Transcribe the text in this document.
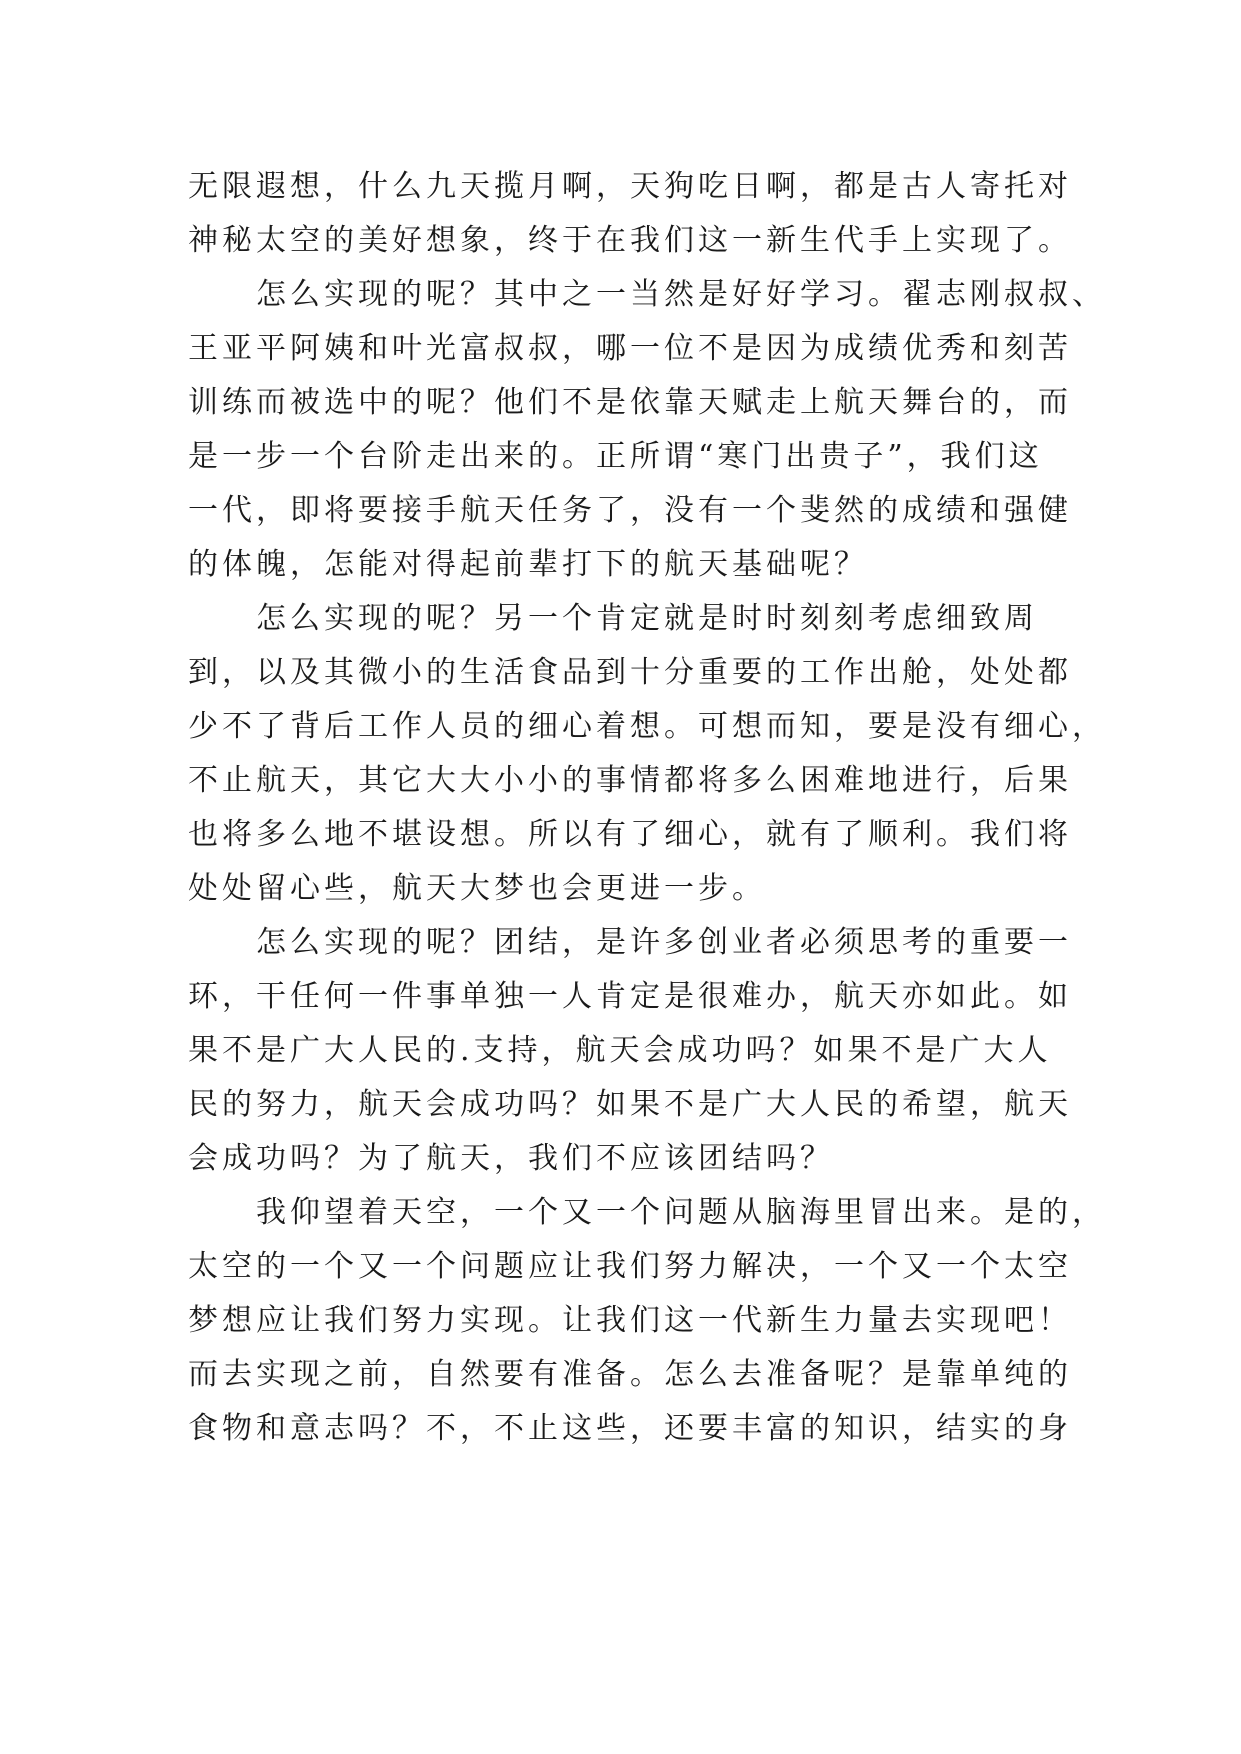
无限遐想，什么九天揽月啊，天狗吃日啊，都是古人寄托对
神秘太空的美好想象，终于在我们这一新生代手上实现了。
　　怎么实现的呢？其中之一当然是好好学习。翟志刚叔叔、
王亚平阿姨和叶光富叔叔，哪一位不是因为成绩优秀和刻苦
训练而被选中的呢？他们不是依靠天赋走上航天舞台的，而
是一步一个台阶走出来的。正所谓“寒门出贵子”，我们这
一代，即将要接手航天任务了，没有一个斐然的成绩和强健
的体魄，怎能对得起前辈打下的航天基础呢？
　　怎么实现的呢？另一个肯定就是时时刻刻考虑细致周
到，以及其微小的生活食品到十分重要的工作出舱，处处都
少不了背后工作人员的细心着想。可想而知，要是没有细心，
不止航天，其它大大小小的事情都将多么困难地进行，后果
也将多么地不堪设想。所以有了细心，就有了顺利。我们将
处处留心些，航天大梦也会更进一步。
　　怎么实现的呢？团结，是许多创业者必须思考的重要一
环，干任何一件事单独一人肯定是很难办，航天亦如此。如
果不是广大人民的.支持，航天会成功吗？如果不是广大人
民的努力，航天会成功吗？如果不是广大人民的希望，航天
会成功吗？为了航天，我们不应该团结吗？
　　我仰望着天空，一个又一个问题从脑海里冒出来。是的，
太空的一个又一个问题应让我们努力解决，一个又一个太空
梦想应让我们努力实现。让我们这一代新生力量去实现吧！
而去实现之前，自然要有准备。怎么去准备呢？是靠单纯的
食物和意志吗？不，不止这些，还要丰富的知识，结实的身
